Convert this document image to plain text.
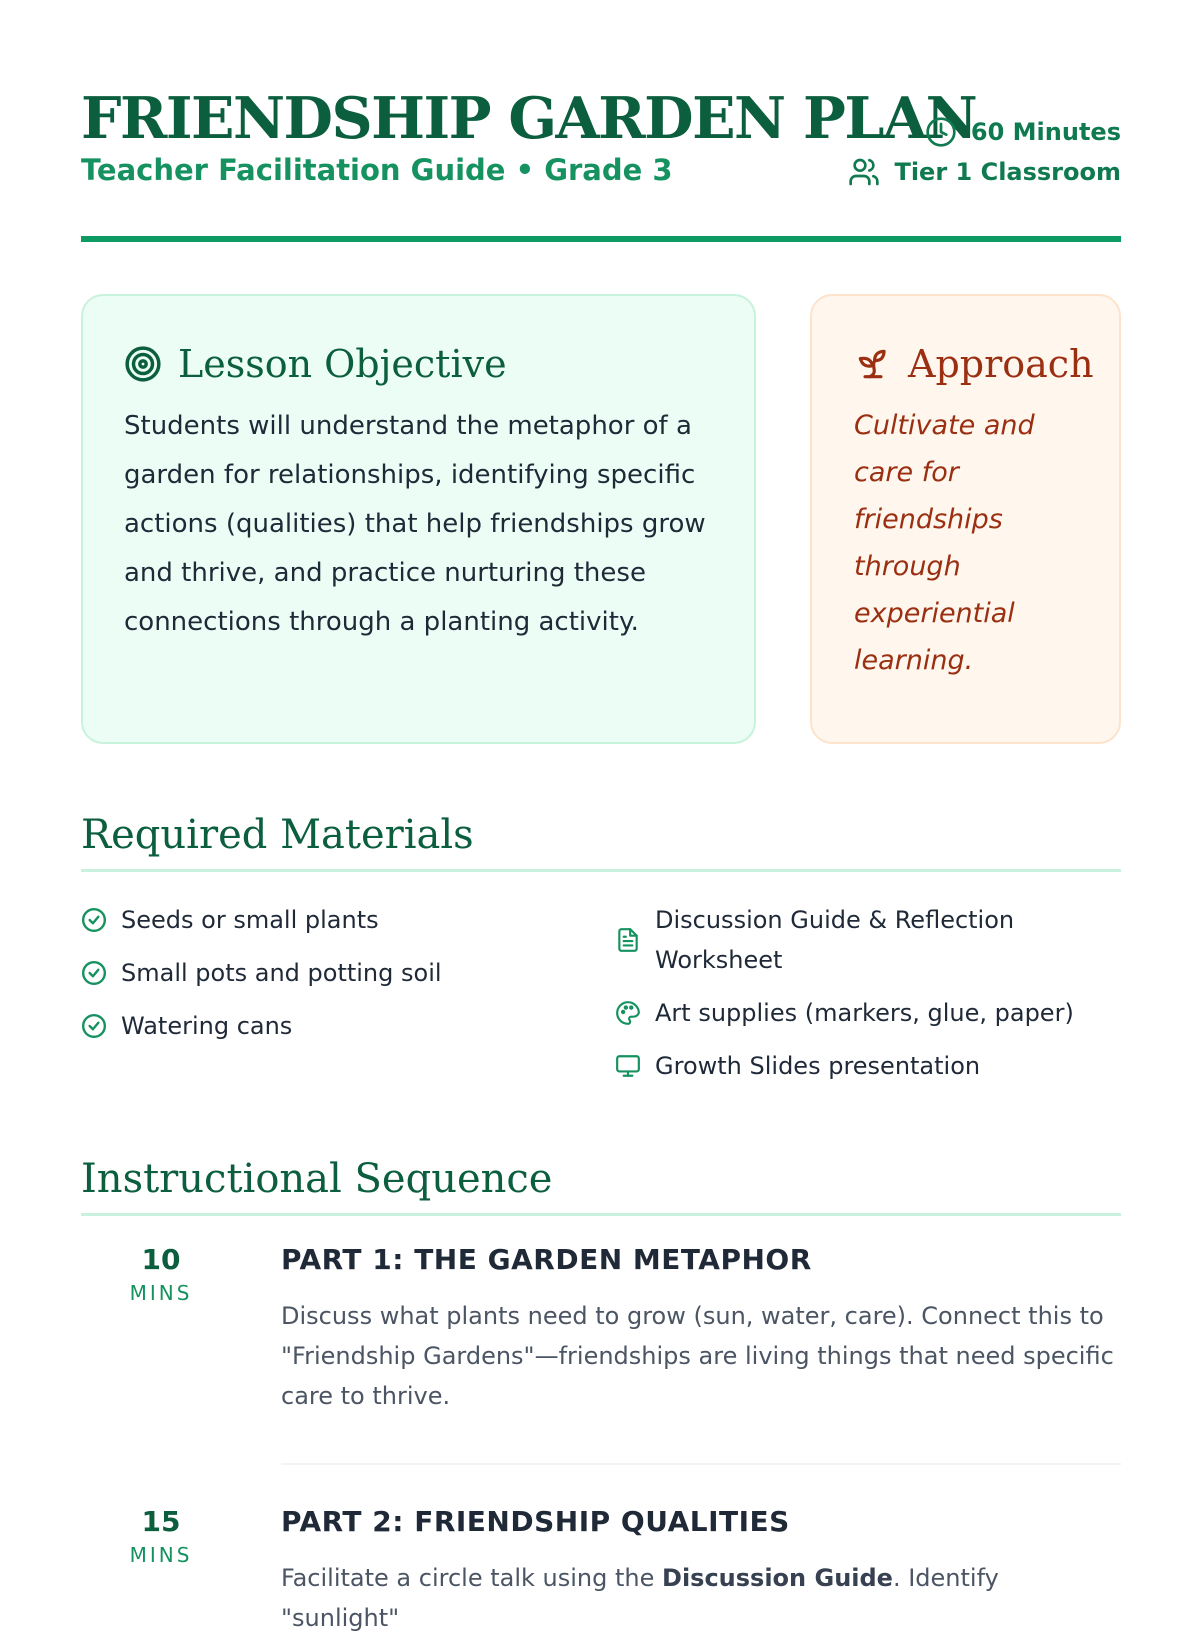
FRIENDSHIP GARDEN PLAN
Teacher Facilitation Guide • Grade 3
60 Minutes
Tier 1 Classroom
Lesson Objective

Students will understand the metaphor of a garden for relationships, identifying specific actions (qualities) that help friendships grow and thrive, and practice nurturing these connections through a planting activity.

Approach

Cultivate and care for friendships through experiential learning.

Required Materials
Seeds or small plants
Small pots and potting soil
Watering cans
Discussion Guide & Reflection Worksheet
Art supplies (markers, glue, paper)
Growth Slides presentation
Instructional Sequence
10
MINS
PART 1: THE GARDEN METAPHOR

Discuss what plants need to grow (sun, water, care). Connect this to "Friendship Gardens"—friendships are living things that need specific care to thrive.

15
MINS
PART 2: FRIENDSHIP QUALITIES

Facilitate a circle talk using the Discussion Guide. Identify "sunlight"
